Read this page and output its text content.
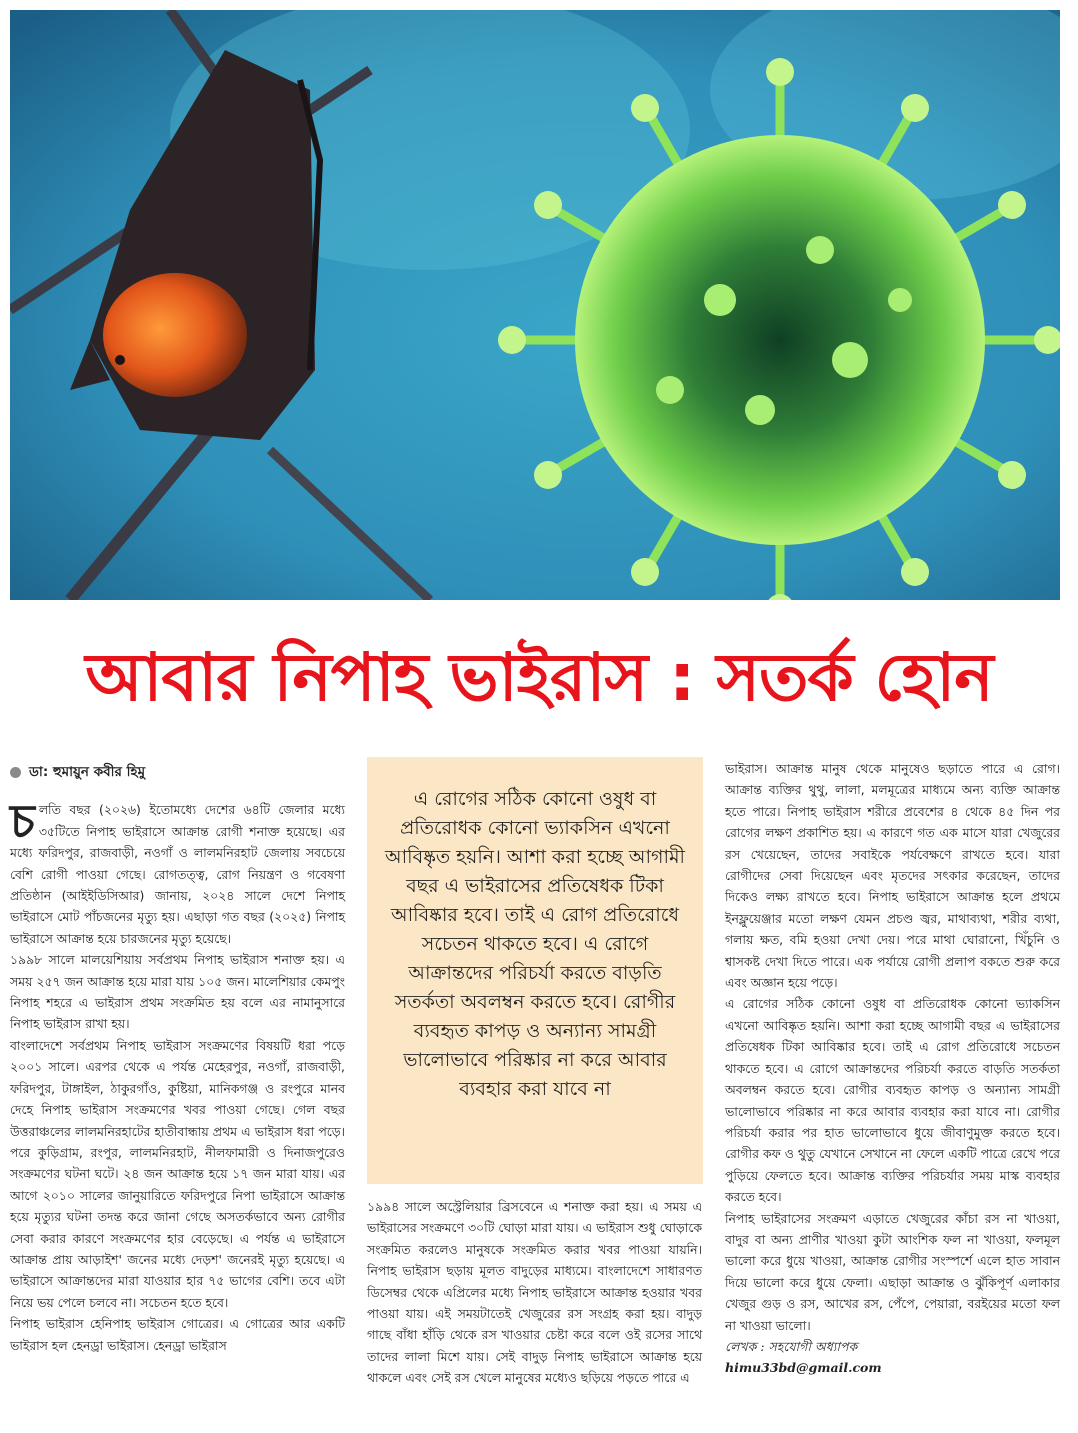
আবার নিপাহ ভাইরাস : সতর্ক হোন
ডা: হুমায়ুন কবীর হিমু

চলতি বছর (২০২৬) ইতোমধ্যে দেশের ৬৪টি জেলার মধ্যে ৩৫টিতে নিপাহ ভাইরাসে আক্রান্ত রোগী শনাক্ত হয়েছে। এর মধ্যে ফরিদপুর, রাজবাড়ী, নওগাঁ ও লালমনিরহাট জেলায় সবচেয়ে বেশি রোগী পাওয়া গেছে। রোগতত্ত্ব, রোগ নিয়ন্ত্রণ ও গবেষণা প্রতিষ্ঠান (আইইডিসিআর) জানায়, ২০২৪ সালে দেশে নিপাহ ভাইরাসে মোট পাঁচজনের মৃত্যু হয়। এছাড়া গত বছর (২০২৫) নিপাহ ভাইরাসে আক্রান্ত হয়ে চারজনের মৃত্যু হয়েছে।

১৯৯৮ সালে মালয়েশিয়ায় সর্বপ্রথম নিপাহ ভাইরাস শনাক্ত হয়। এ সময় ২৫৭ জন আক্রান্ত হয়ে মারা যায় ১০৫ জন। মালেশিয়ার কেমপুং নিপাহ শহরে এ ভাইরাস প্রথম সংক্রমিত হয় বলে এর নামানুসারে নিপাহ ভাইরাস রাখা হয়।

বাংলাদেশে সর্বপ্রথম নিপাহ ভাইরাস সংক্রমণের বিষয়টি ধরা পড়ে ২০০১ সালে। এরপর থেকে এ পর্যন্ত মেহেরপুর, নওগাঁ, রাজবাড়ী, ফরিদপুর, টাঙ্গাইল, ঠাকুরগাঁও, কুষ্টিয়া, মানিকগঞ্জ ও রংপুরে মানব দেহে নিপাহ ভাইরাস সংক্রমণের খবর পাওয়া গেছে। গেল বছর উত্তরাঞ্চলের লালমনিরহাটের হাতীবান্ধায় প্রথম এ ভাইরাস ধরা পড়ে। পরে কুড়িগ্রাম, রংপুর, লালমনিরহাট, নীলফামারী ও দিনাজপুরেও সংক্রমণের ঘটনা ঘটে। ২৪ জন আক্রান্ত হয়ে ১৭ জন মারা যায়। এর আগে ২০১০ সালের জানুয়ারিতে ফরিদপুরে নিপা ভাইরাসে আক্রান্ত হয়ে মৃত্যুর ঘটনা তদন্ত করে জানা গেছে অসতর্কভাবে অন্য রোগীর সেবা করার কারণে সংক্রমণের হার বেড়েছে। এ পর্যন্ত এ ভাইরাসে আক্রান্ত প্রায় আড়াইশ' জনের মধ্যে দেড়শ' জনেরই মৃত্যু হয়েছে। এ ভাইরাসে আক্রান্তদের মারা যাওয়ার হার ৭৫ ভাগের বেশি। তবে এটা নিয়ে ভয় পেলে চলবে না। সচেতন হতে হবে।

নিপাহ ভাইরাস হেনিপাহ ভাইরাস গোত্রের। এ গোত্রের আর একটি ভাইরাস হল হেনড্রা ভাইরাস। হেনড্রা ভাইরাস

এ রোগের সঠিক কোনো ওষুধ বা প্রতিরোধক কোনো ভ্যাকসিন এখনো আবিষ্কৃত হয়নি। আশা করা হচ্ছে আগামী বছর এ ভাইরাসের প্রতিষেধক টিকা আবিষ্কার হবে। তাই এ রোগ প্রতিরোধে সচেতন থাকতে হবে। এ রোগে আক্রান্তদের পরিচর্যা করতে বাড়তি সতর্কতা অবলম্বন করতে হবে। রোগীর ব্যবহৃত কাপড় ও অন্যান্য সামগ্রী ভালোভাবে পরিষ্কার না করে আবার ব্যবহার করা যাবে না

১৯৯৪ সালে অস্ট্রেলিয়ার ব্রিসবেনে এ শনাক্ত করা হয়। এ সময় এ ভাইরাসের সংক্রমণে ৩০টি ঘোড়া মারা যায়। এ ভাইরাস শুধু ঘোড়াকে সংক্রমিত করলেও মানুষকে সংক্রমিত করার খবর পাওয়া যায়নি। নিপাহ ভাইরাস ছড়ায় মূলত বাদুড়ের মাধ্যমে। বাংলাদেশে সাধারণত ডিসেম্বর থেকে এপ্রিলের মধ্যে নিপাহ ভাইরাসে আক্রান্ত হওয়ার খবর পাওয়া যায়। এই সময়টাতেই খেজুরের রস সংগ্রহ করা হয়। বাদুড় গাছে বাঁধা হাঁড়ি থেকে রস খাওয়ার চেষ্টা করে বলে ওই রসের সাথে তাদের লালা মিশে যায়। সেই বাদুড় নিপাহ ভাইরাসে আক্রান্ত হয়ে থাকলে এবং সেই রস খেলে মানুষের মধ্যেও ছড়িয়ে পড়তে পারে এ

ভাইরাস। আক্রান্ত মানুষ থেকে মানুষেও ছড়াতে পারে এ রোগ। আক্রান্ত ব্যক্তির থুথু, লালা, মলমূত্রের মাধ্যমে অন্য ব্যক্তি আক্রান্ত হতে পারে। নিপাহ ভাইরাস শরীরে প্রবেশের ৪ থেকে ৪৫ দিন পর রোগের লক্ষণ প্রকাশিত হয়। এ কারণে গত এক মাসে যারা খেজুরের রস খেয়েছেন, তাদের সবাইকে পর্যবেক্ষণে রাখতে হবে। যারা রোগীদের সেবা দিয়েছেন এবং মৃতদের সৎকার করেছেন, তাদের দিকেও লক্ষ্য রাখতে হবে। নিপাহ ভাইরাসে আক্রান্ত হলে প্রথমে ইনফ্লুয়েঞ্জার মতো লক্ষণ যেমন প্রচণ্ড জ্বর, মাথাব্যথা, শরীর ব্যথা, গলায় ক্ষত, বমি হওয়া দেখা দেয়। পরে মাথা ঘোরানো, খিঁচুনি ও শ্বাসকষ্ট দেখা দিতে পারে। এক পর্যায়ে রোগী প্রলাপ বকতে শুরু করে এবং অজ্ঞান হয়ে পড়ে।

এ রোগের সঠিক কোনো ওষুধ বা প্রতিরোধক কোনো ভ্যাকসিন এখনো আবিষ্কৃত হয়নি। আশা করা হচ্ছে আগামী বছর এ ভাইরাসের প্রতিষেধক টিকা আবিষ্কার হবে। তাই এ রোগ প্রতিরোধে সচেতন থাকতে হবে। এ রোগে আক্রান্তদের পরিচর্যা করতে বাড়তি সতর্কতা অবলম্বন করতে হবে। রোগীর ব্যবহৃত কাপড় ও অন্যান্য সামগ্রী ভালোভাবে পরিষ্কার না করে আবার ব্যবহার করা যাবে না। রোগীর পরিচর্যা করার পর হাত ভালোভাবে ধুয়ে জীবাণুমুক্ত করতে হবে। রোগীর কফ ও থুতু যেখানে সেখানে না ফেলে একটি পাত্রে রেখে পরে পুড়িয়ে ফেলতে হবে। আক্রান্ত ব্যক্তির পরিচর্যার সময় মাস্ক ব্যবহার করতে হবে।

নিপাহ ভাইরাসের সংক্রমণ এড়াতে খেজুরের কাঁচা রস না খাওয়া, বাদুর বা অন্য প্রাণীর খাওয়া কুটা আংশিক ফল না খাওয়া, ফলমূল ভালো করে ধুয়ে খাওয়া, আক্রান্ত রোগীর সংস্পর্শে এলে হাত সাবান দিয়ে ভালো করে ধুয়ে ফেলা। এছাড়া আক্রান্ত ও ঝুঁকিপূর্ণ এলাকার খেজুর গুড় ও রস, আখের রস, পেঁপে, পেয়ারা, বরইয়ের মতো ফল না খাওয়া ভালো।

লেখক : সহযোগী অধ্যাপক

himu33bd@gmail.com
